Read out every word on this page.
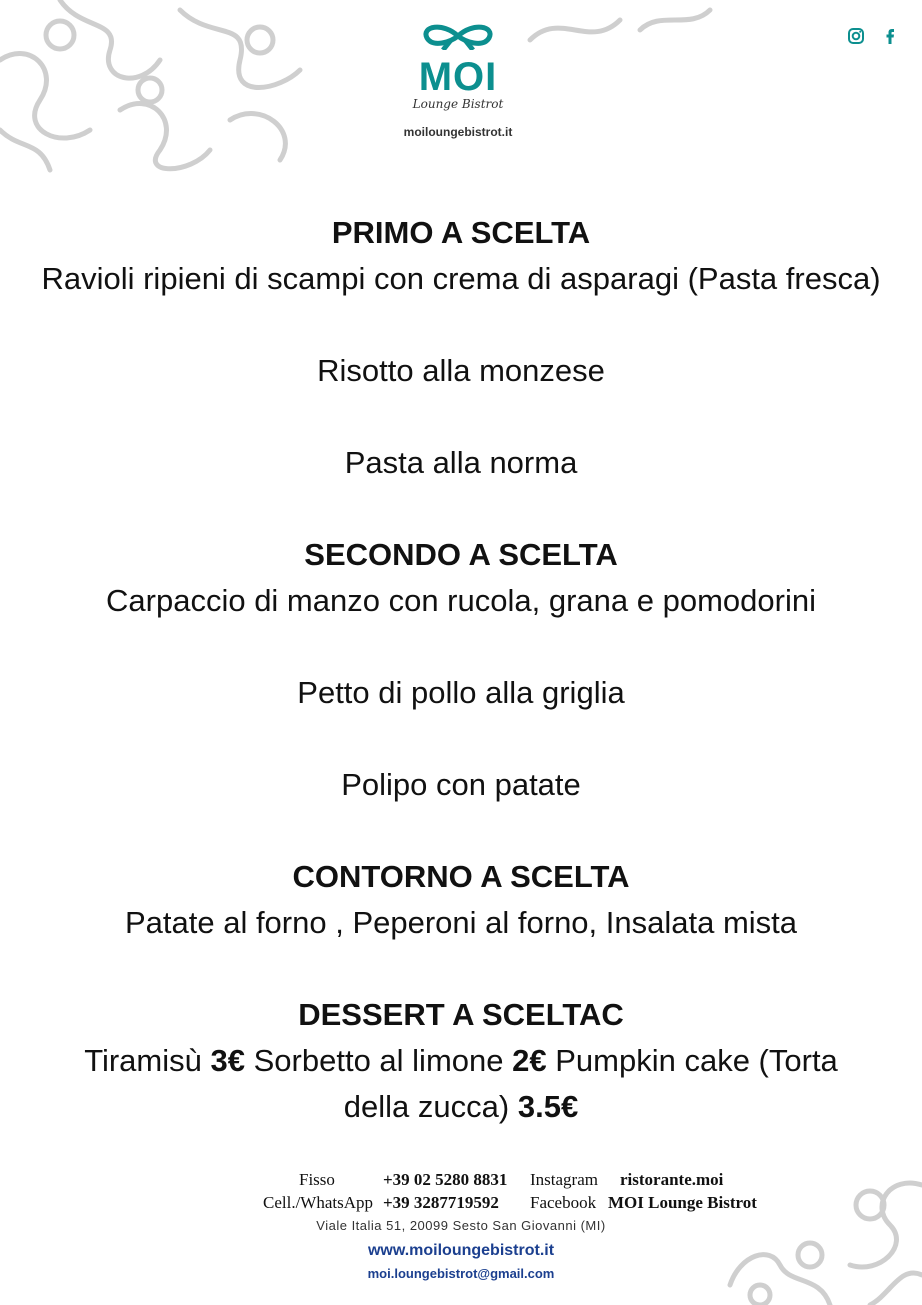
MOI
Lounge Bistrot
moiloungebistrot.it

PRIMO A SCELTA

Ravioli ripieni di scampi con crema di asparagi (Pasta fresca)

Risotto alla monzese

Pasta alla norma

SECONDO A SCELTA

Carpaccio di manzo con rucola, grana e pomodorini

Petto di pollo alla griglia

Polipo con patate

CONTORNO A SCELTA

Patate al forno , Peperoni al forno, Insalata mista

DESSERT A SCELTAC

Tiramisù 3€ Sorbetto al limone 2€ Pumpkin cake (Torta

della zucca) 3.5€

Fisso
Cell./WhatsApp
+39 02 5280 8831
+39 3287719592
Instagram
Facebook
ristorante.moi
MOI Lounge Bistrot
Viale Italia 51, 20099 Sesto San Giovanni (MI)
www.moiloungebistrot.it
moi.loungebistrot@gmail.com
